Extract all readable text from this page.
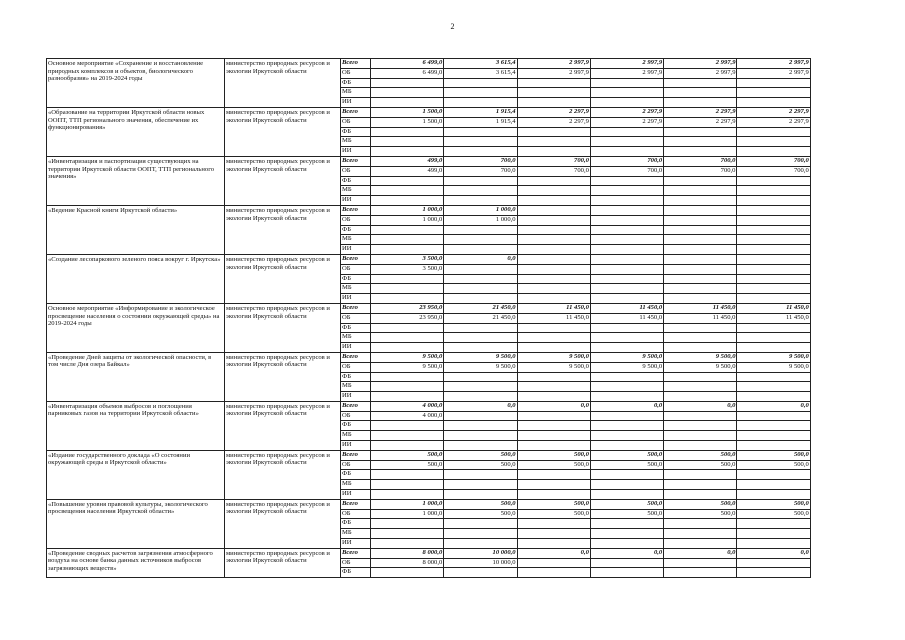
2
Основное мероприятие «Сохранение и восстановление природных комплексов и объектов, биологического разнообразия» на 2019-2024 годы	министерство природных ресурсов и экологии Иркутской области	Всего	6 499,0	3 615,4	2 997,9	2 997,9	2 997,9	2 997,9
		ОБ	6 499,0	3 615,4	2 997,9	2 997,9	2 997,9	2 997,9
		ФБ						
		МБ						
		ИИ						
«Образование на территории Иркутской области новых ООПТ, ТТП регионального значения, обеспечение их функционирования»	министерство природных ресурсов и экологии Иркутской области	Всего	1 500,0	1 915,4	2 297,9	2 297,9	2 297,9	2 297,9
		ОБ	1 500,0	1 915,4	2 297,9	2 297,9	2 297,9	2 297,9
		ФБ						
		МБ						
		ИИ						
«Инвентаризация и паспортизация существующих на территории Иркутской области ООПТ, ТТП регионального значения»	министерство природных ресурсов и экологии Иркутской области	Всего	499,0	700,0	700,0	700,0	700,0	700,0
		ОБ	499,0	700,0	700,0	700,0	700,0	700,0
		ФБ						
		МБ						
		ИИ						
«Ведение Красной книги Иркутской области»	министерство природных ресурсов и экологии Иркутской области	Всего	1 000,0	1 000,0				
		ОБ	1 000,0	1 000,0				
		ФБ						
		МБ						
		ИИ						
«Создание лесопаркового зеленого пояса вокруг г. Иркутска»	министерство природных ресурсов и экологии Иркутской области	Всего	3 500,0	0,0				
		ОБ	3 500,0					
		ФБ						
		МБ						
		ИИ						
Основное мероприятие «Информирование и экологическое просвещение населения о состоянии окружающей среды» на 2019-2024 годы	министерство природных ресурсов и экологии Иркутской области	Всего	23 950,0	21 450,0	11 450,0	11 450,0	11 450,0	11 450,0
		ОБ	23 950,0	21 450,0	11 450,0	11 450,0	11 450,0	11 450,0
		ФБ						
		МБ						
		ИИ						
«Проведение Дней защиты от экологической опасности, в том числе Дня озера Байкал»	министерство природных ресурсов и экологии Иркутской области	Всего	9 500,0	9 500,0	9 500,0	9 500,0	9 500,0	9 500,0
		ОБ	9 500,0	9 500,0	9 500,0	9 500,0	9 500,0	9 500,0
		ФБ						
		МБ						
		ИИ						
«Инвентаризация объемов выбросов и поглощения парниковых газов на территории Иркутской области»	министерство природных ресурсов и экологии Иркутской области	Всего	4 000,0	0,0	0,0	0,0	0,0	0,0
		ОБ	4 000,0					
		ФБ						
		МБ						
		ИИ						
«Издание государственного доклада «О состоянии окружающей среды в Иркутской области»	министерство природных ресурсов и экологии Иркутской области	Всего	500,0	500,0	500,0	500,0	500,0	500,0
		ОБ	500,0	500,0	500,0	500,0	500,0	500,0
		ФБ						
		МБ						
		ИИ						
«Повышение уровня правовой культуры, экологического просвещения населения Иркутской области»	министерство природных ресурсов и экологии Иркутской области	Всего	1 000,0	500,0	500,0	500,0	500,0	500,0
		ОБ	1 000,0	500,0	500,0	500,0	500,0	500,0
		ФБ						
		МБ						
		ИИ						
«Проведение сводных расчетов загрязнения атмосферного воздуха на основе банка данных источников выбросов загрязняющих веществ»	министерство природных ресурсов и экологии Иркутской области	Всего	8 000,0	10 000,0	0,0	0,0	0,0	0,0
		ОБ	8 000,0	10 000,0				
		ФБ						
